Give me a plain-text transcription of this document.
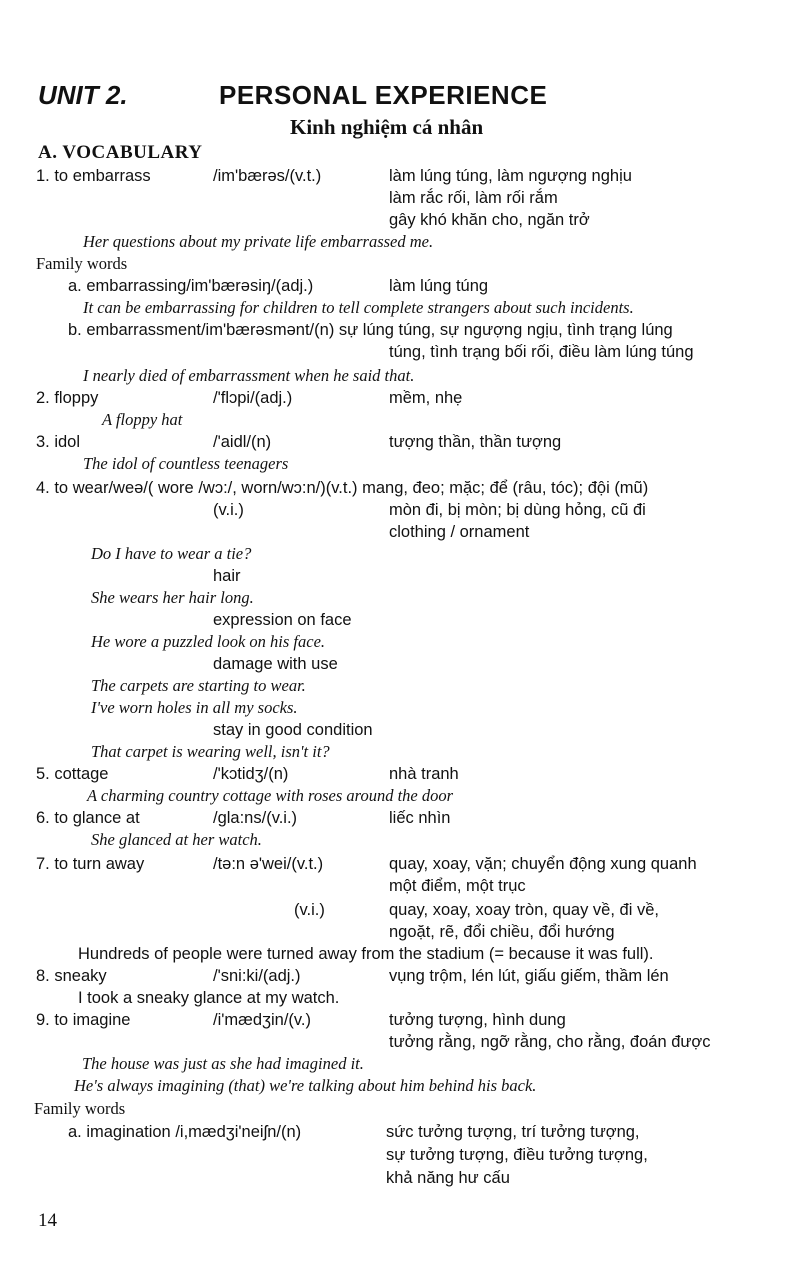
UNIT 2.	PERSONAL EXPERIENCE
Kinh nghiệm cá nhân
A. VOCABULARY
1. to embarrass	/im'bærəs/(v.t.)	làm lúng túng, làm ngượng nghịu
làm rắc rối, làm rối rắm
gây khó khăn cho, ngăn trở
Her questions about my private life embarrassed me.
Family words
a. embarrassing/im'bærəsiŋ/(adj.)	làm lúng túng
It can be embarrassing for children to tell complete strangers about such incidents.
b. embarrassment/im'bærəsmənt/(n) sự lúng túng, sự ngượng ngịu, tình trạng lúng
túng, tình trạng bối rối, điều làm lúng túng
I nearly died of embarrassment when he said that.
2. floppy	/'flɔpi/(adj.)	mềm, nhẹ
A floppy hat
3. idol	/'aidl/(n)	tượng thần, thần tượng
The idol of countless teenagers
4. to wear/weə/( wore /wɔ:/, worn/wɔ:n/)(v.t.) mang, đeo; mặc; để (râu, tóc); đội (mũ)
(v.i.)	mòn đi, bị mòn; bị dùng hỏng, cũ đi
clothing / ornament
Do I have to wear a tie?
hair
She wears her hair long.
expression on face
He wore a puzzled look on his face.
damage with use
The carpets are starting to wear.
I've worn holes in all my socks.
stay in good condition
That carpet is wearing well, isn't it?
5. cottage	/'kɔtidʒ/(n)	nhà tranh
A charming country cottage with roses around the door
6. to glance at	/gla:ns/(v.i.)	liếc nhìn
She glanced at her watch.
7. to turn away	/tə:n ə'wei/(v.t.)	quay, xoay, vặn; chuyển động xung quanh
một điểm, một trục
(v.i.)	quay, xoay, xoay tròn, quay về, đi về,
ngoặt, rẽ, đổi chiều, đổi hướng
Hundreds of people were turned away from the stadium (= because it was full).
8. sneaky	/'sni:ki/(adj.)	vụng trộm, lén lút, giấu giếm, thầm lén
I took a sneaky glance at my watch.
9. to imagine	/i'mædʒin/(v.)	tưởng tượng, hình dung
tưởng rằng, ngỡ rằng, cho rằng, đoán được
The house was just as she had imagined it.
He's always imagining (that) we're talking about him behind his back.
Family words
a. imagination /i,mædʒi'neiʃn/(n)	sức tưởng tượng, trí tưởng tượng,
sự tưởng tượng, điều tưởng tượng,
khả năng hư cấu
14
